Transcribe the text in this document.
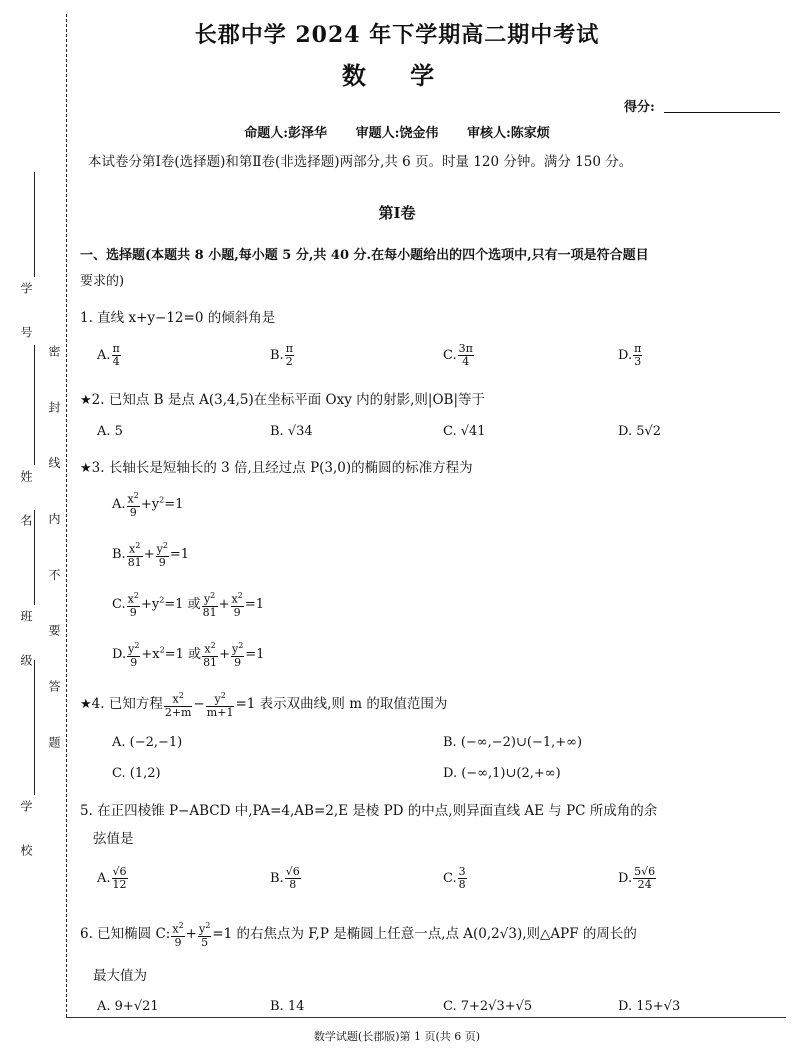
学 号
姓 名
班 级
学 校
密 封 线 内 不 要 答 题
长郡中学 2024 年下学期高二期中考试
数 学
得分:
命题人:彭泽华 审题人:饶金伟 审核人:陈家烦
本试卷分第Ⅰ卷(选择题)和第Ⅱ卷(非选择题)两部分,共 6 页。时量 120 分钟。满分 150 分。
第Ⅰ卷
一、选择题(本题共 8 小题,每小题 5 分,共 40 分.在每小题给出的四个选项中,只有一项是符合题目
要求的)
1. 直线 x+y−12=0 的倾斜角是
A. $\frac{\pi}{4}$	B. $\frac{\pi}{2}$	C. $\frac{3\pi}{4}$	D. $\frac{\pi}{3}$
★2. 已知点 B 是点 A(3,4,5)在坐标平面 Oxy 内的射影,则|OB|等于
A. 5	B. √34	C. √41	D. 5√2
★3. 长轴长是短轴长的 3 倍,且经过点 P(3,0)的椭圆的标准方程为
A. $\frac{x^2}{9} +y^2=1$
B. $\frac{x^2}{81} + \frac{y^2}{9} =1$
C. $\frac{x^2}{9} +y^2=1$ 或 $\frac{y^2}{81} + \frac{x^2}{9} =1$
D. $\frac{y^2}{9} +x^2=1$ 或 $\frac{x^2}{81} + \frac{y^2}{9} =1$
★4. 已知方程 $\frac{x^2}{2+m} - \frac{y^2}{m+1} =1$ 表示双曲线,则 m 的取值范围为
A. (−2,−1)	B. (−∞,−2)∪(−1,+∞)
C. (1,2)	D. (−∞,1)∪(2,+∞)
5. 在正四棱锥 P−ABCD 中,PA=4,AB=2,E 是棱 PD 的中点,则异面直线 AE 与 PC 所成角的余
弦值是
A. $\frac{√6}{12}$	B. $\frac{√6}{8}$	C. $\frac{3}{8}$	D. $\frac{5√6}{24}$
6. 已知椭圆 C: $\frac{x^2}{9} + \frac{y^2}{5} =1$ 的右焦点为 F,P 是椭圆上任意一点,点 A(0,2√3),则△APF 的周长的
最大值为
A. 9+√21	B. 14	C. 7+2√3+√5	D. 15+√3
数学试题(长郡版)第 1 页(共 6 页)
